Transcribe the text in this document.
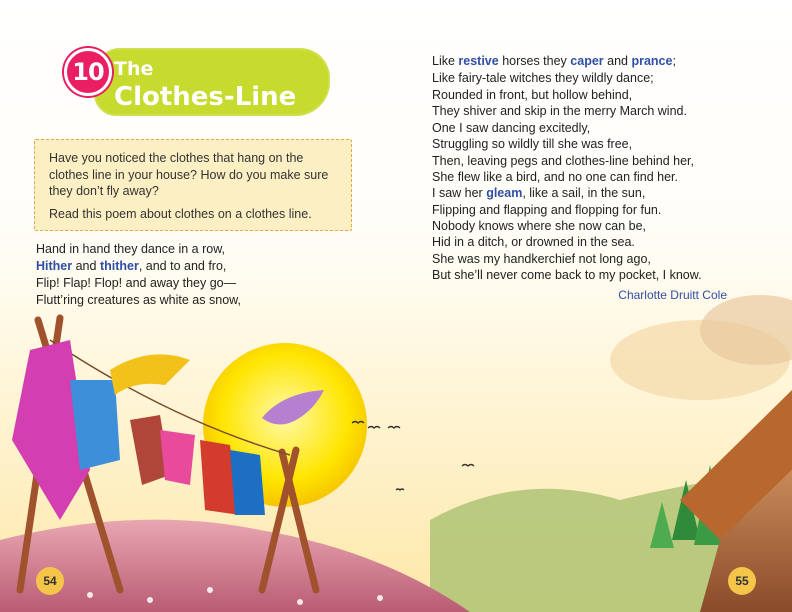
10 The
Clothes-Line

Have you noticed the clothes that hang on the clothes line in your house? How do you make sure they don’t fly away?

Read this poem about clothes on a clothes line.

Hand in hand they dance in a row,
Hither and thither, and to and fro,
Flip! Flap! Flop! and away they go—
Flutt’ring creatures as white as snow,
Like restive horses they caper and prance;
Like fairy-tale witches they wildly dance;
Rounded in front, but hollow behind,
They shiver and skip in the merry March wind.
One I saw dancing excitedly,
Struggling so wildly till she was free,
Then, leaving pegs and clothes-line behind her,
She flew like a bird, and no one can find her.
I saw her gleam, like a sail, in the sun,
Flipping and flapping and flopping for fun.
Nobody knows where she now can be,
Hid in a ditch, or drowned in the sea.
She was my handkerchief not long ago,
But she’ll never come back to my pocket, I know.
Charlotte Druitt Cole
54	55
